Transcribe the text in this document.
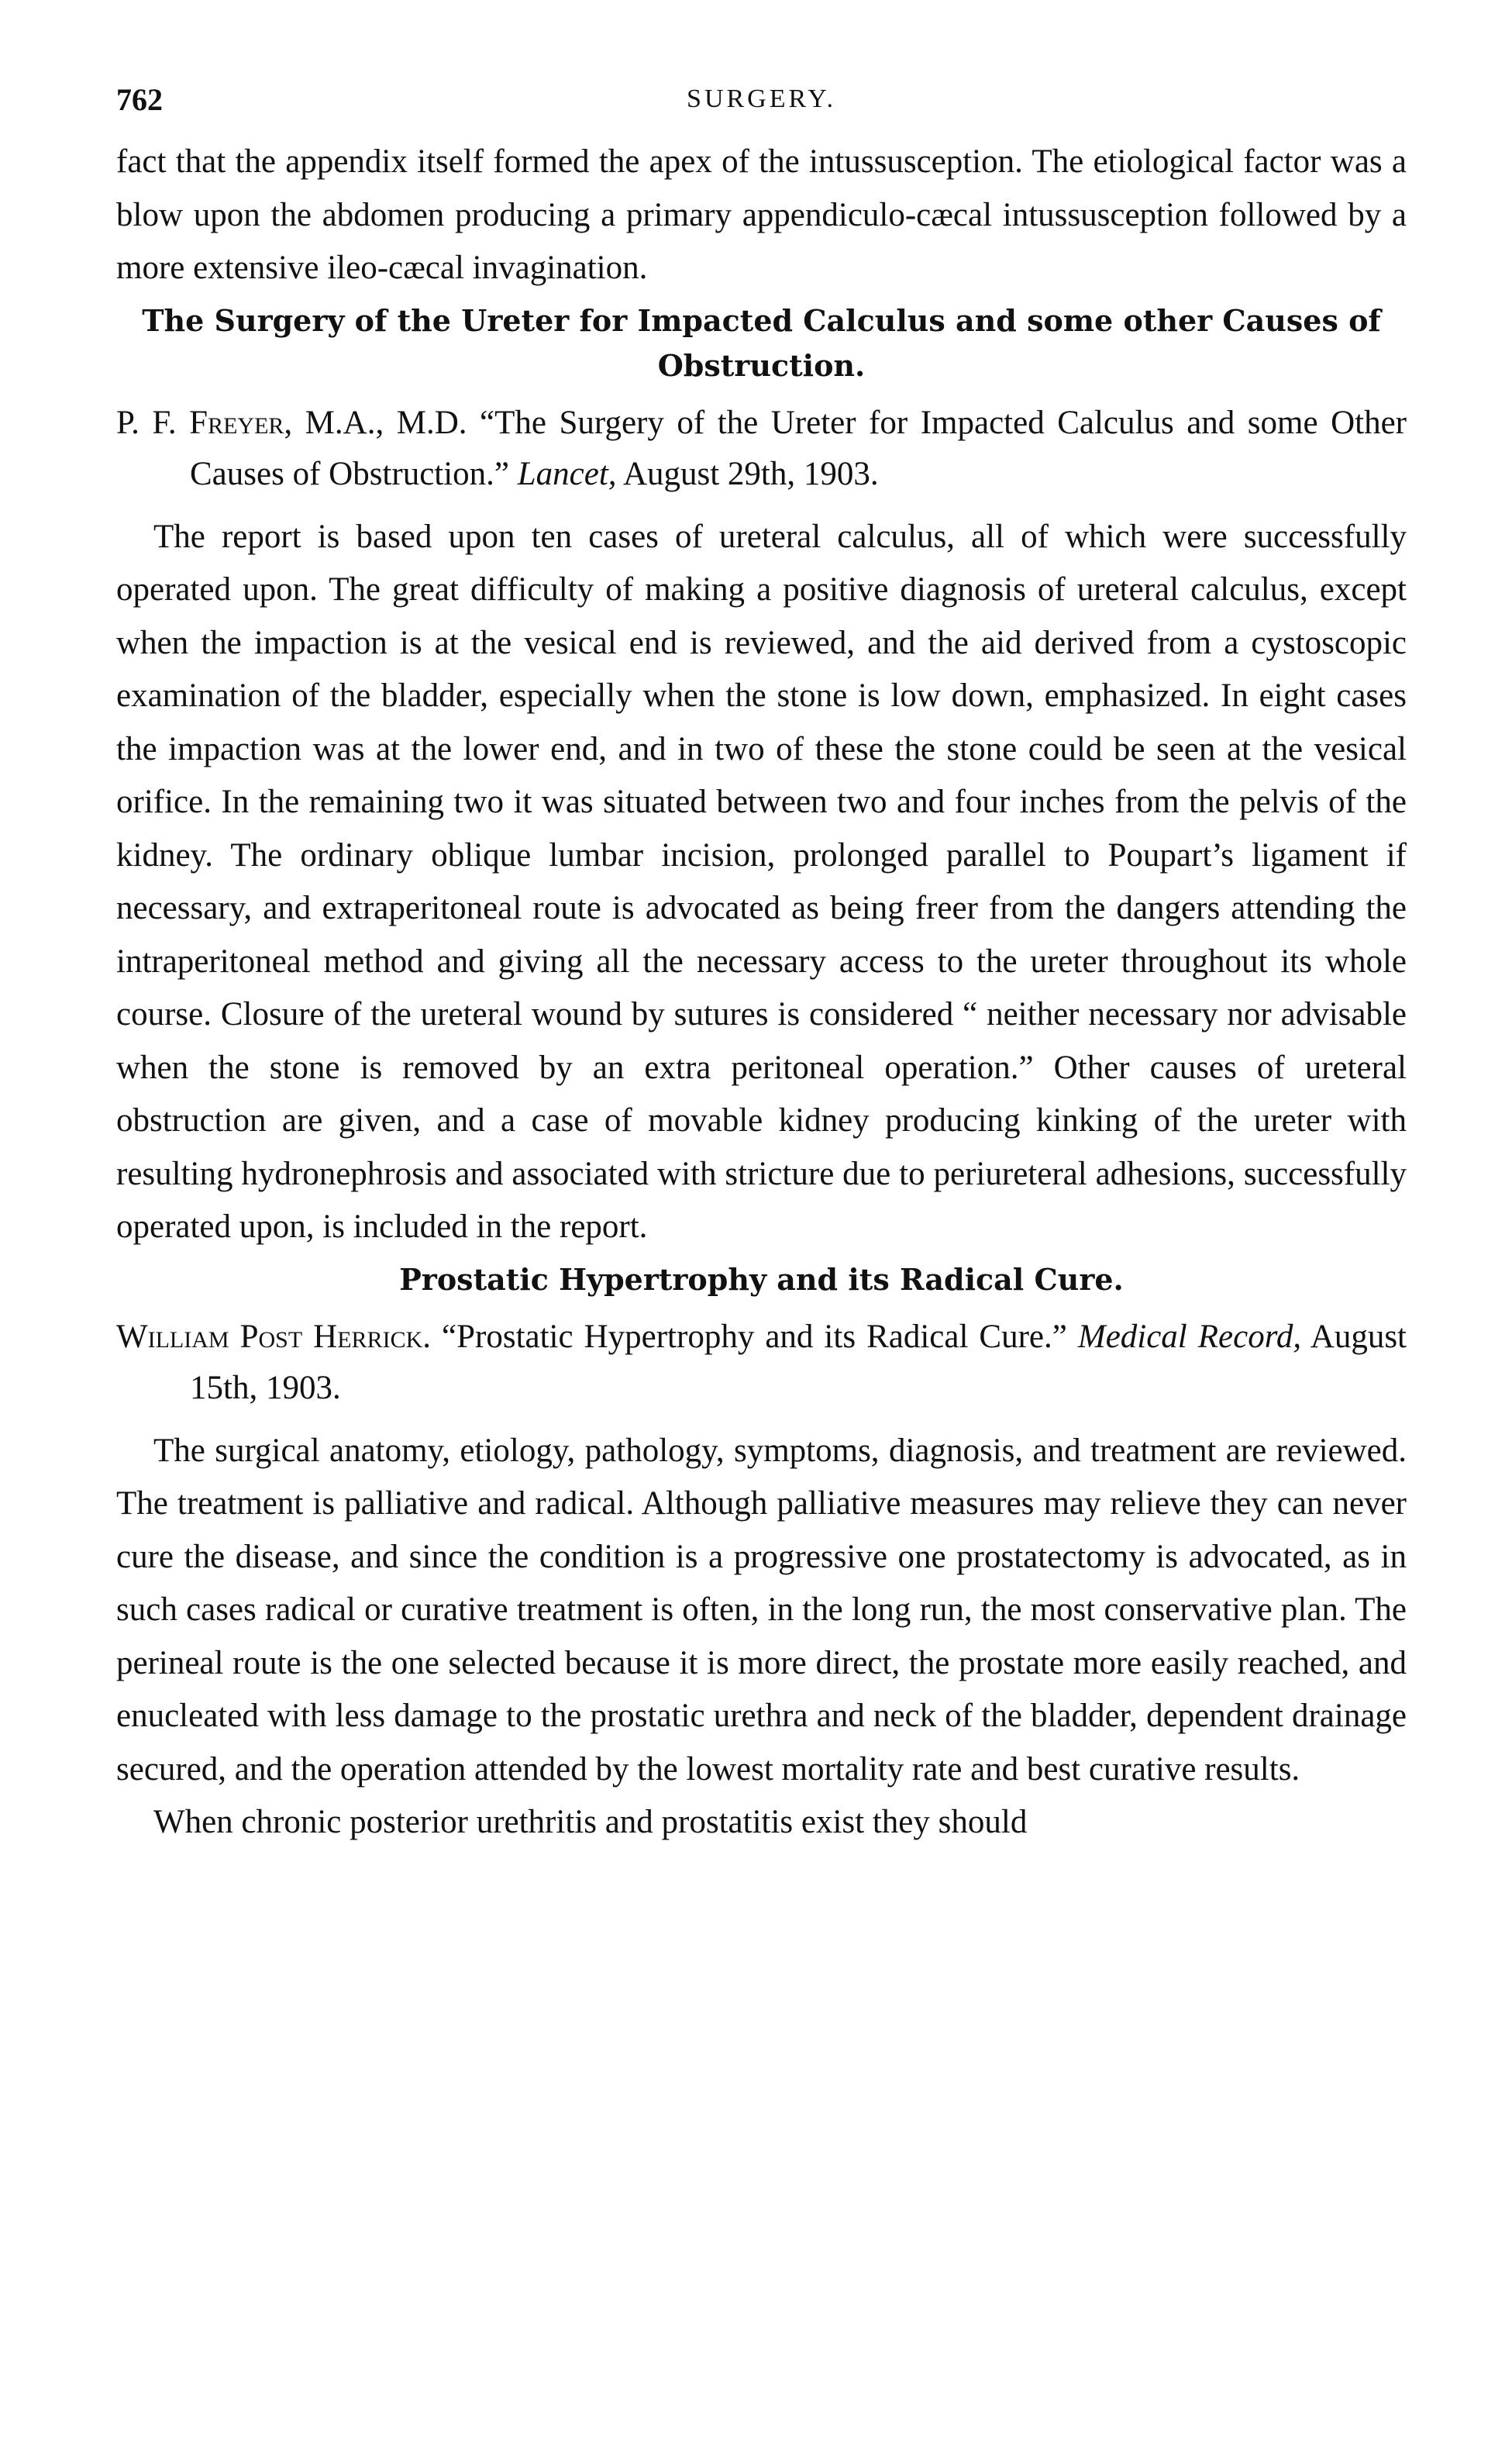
762	SURGERY.

fact that the appendix itself formed the apex of the intussusception. The etiological factor was a blow upon the abdomen producing a primary appendiculo-cæcal intussusception followed by a more extensive ileo-cæcal invagination.

The Surgery of the Ureter for Impacted Calculus and some other Causes of Obstruction.

P. F. Freyer, M.A., M.D. “The Surgery of the Ureter for Impacted Calculus and some Other Causes of Obstruction.” Lancet, August 29th, 1903.

The report is based upon ten cases of ureteral calculus, all of which were successfully operated upon. The great difficulty of making a positive diagnosis of ureteral calculus, except when the impaction is at the vesical end is reviewed, and the aid derived from a cystoscopic examination of the bladder, especially when the stone is low down, emphasized. In eight cases the impaction was at the lower end, and in two of these the stone could be seen at the vesical orifice. In the remaining two it was situated between two and four inches from the pelvis of the kidney. The ordinary oblique lumbar incision, prolonged parallel to Poupart’s ligament if necessary, and extraperitoneal route is advocated as being freer from the dangers attending the intraperitoneal method and giving all the necessary access to the ureter throughout its whole course. Closure of the ureteral wound by sutures is considered “ neither necessary nor advisable when the stone is removed by an extra peritoneal operation.” Other causes of ureteral obstruction are given, and a case of movable kidney producing kinking of the ureter with resulting hydronephrosis and associated with stricture due to periureteral adhesions, successfully operated upon, is included in the report.

Prostatic Hypertrophy and its Radical Cure.

William Post Herrick. “Prostatic Hypertrophy and its Radical Cure.” Medical Record, August 15th, 1903.

The surgical anatomy, etiology, pathology, symptoms, diagnosis, and treatment are reviewed. The treatment is palliative and radical. Although palliative measures may relieve they can never cure the disease, and since the condition is a progressive one prostatectomy is advocated, as in such cases radical or curative treatment is often, in the long run, the most conservative plan. The perineal route is the one selected because it is more direct, the prostate more easily reached, and enucleated with less damage to the prostatic urethra and neck of the bladder, dependent drainage secured, and the operation attended by the lowest mortality rate and best curative results.

When chronic posterior urethritis and prostatitis exist they should
